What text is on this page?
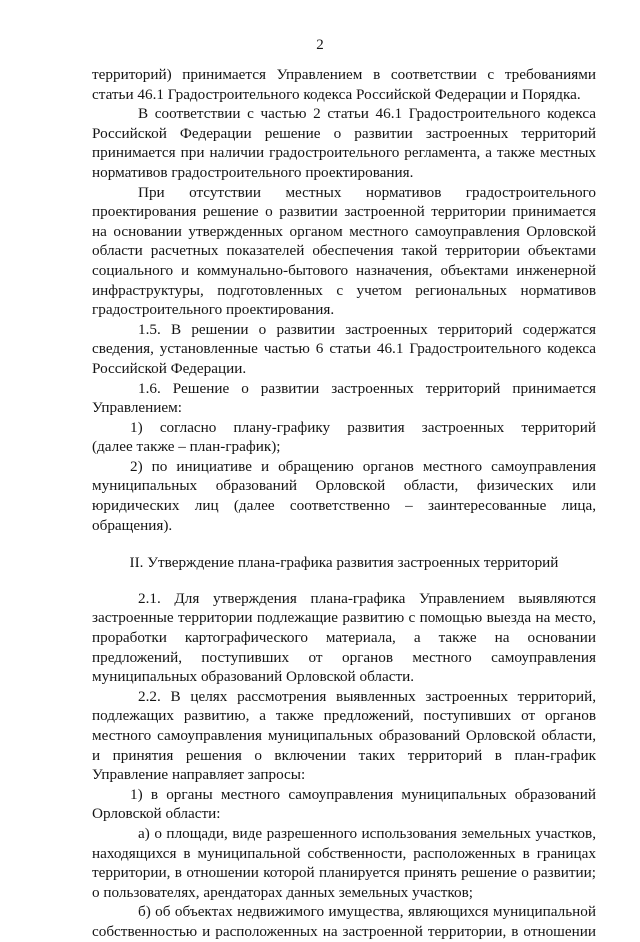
2
территорий) принимается Управлением в соответствии с требованиями
статьи 46.1 Градостроительного кодекса Российской Федерации и Порядка.
В соответствии с частью 2 статьи 46.1 Градостроительного кодекса
Российской Федерации решение о развитии застроенных территорий
принимается при наличии градостроительного регламента, а также местных
нормативов градостроительного проектирования.
При отсутствии местных нормативов градостроительного
проектирования решение о развитии застроенной территории принимается
на основании утвержденных органом местного самоуправления Орловской
области расчетных показателей обеспечения такой территории объектами
социального и коммунально-бытового назначения, объектами инженерной
инфраструктуры, подготовленных с учетом региональных нормативов
градостроительного проектирования.
1.5. В решении о развитии застроенных территорий содержатся
сведения, установленные частью 6 статьи 46.1 Градостроительного кодекса
Российской Федерации.
1.6. Решение о развитии застроенных территорий принимается
Управлением:
1) согласно плану-графику развития застроенных территорий
(далее также – план-график);
2) по инициативе и обращению органов местного самоуправления
муниципальных образований Орловской области, физических или
юридических лиц (далее соответственно – заинтересованные лица,
обращения).
II. Утверждение плана-графика развития застроенных территорий
2.1. Для утверждения плана-графика Управлением выявляются
застроенные территории подлежащие развитию с помощью выезда на место,
проработки картографического материала, а также на основании
предложений, поступивших от органов местного самоуправления
муниципальных образований Орловской области.
2.2. В целях рассмотрения выявленных застроенных территорий,
подлежащих развитию, а также предложений, поступивших от органов
местного самоуправления муниципальных образований Орловской области,
и принятия решения о включении таких территорий в план-график
Управление направляет запросы:
1) в органы местного самоуправления муниципальных образований
Орловской области:
а) о площади, виде разрешенного использования земельных участков,
находящихся в муниципальной собственности, расположенных в границах
территории, в отношении которой планируется принять решение о развитии;
о пользователях, арендаторах данных земельных участков;
б) об объектах недвижимого имущества, являющихся муниципальной
собственностью и расположенных на застроенной территории, в отношении
